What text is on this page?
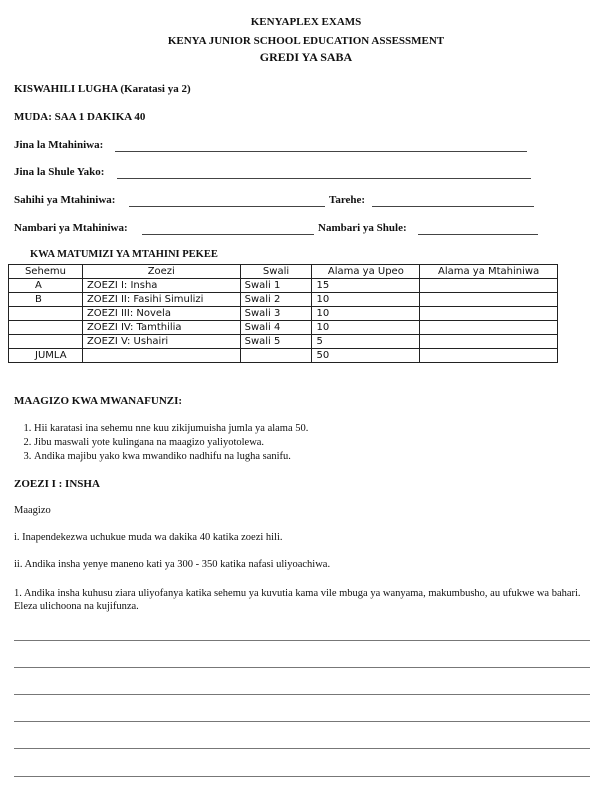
KENYAPLEX EXAMS
KENYA JUNIOR SCHOOL EDUCATION ASSESSMENT
GREDI YA SABA
KISWAHILI LUGHA (Karatasi ya 2)
MUDA: SAA 1 DAKIKA 40
Jina la Mtahiniwa:
Jina la Shule Yako:
Sahihi ya Mtahiniwa:	Tarehe:
Nambari ya Mtahiniwa:	Nambari ya Shule:
KWA MATUMIZI YA MTAHINI PEKEE
Sehemu	Zoezi	Swali	Alama ya Upeo	Alama ya Mtahiniwa
A	ZOEZI I: Insha	Swali 1	15	
B	ZOEZI II: Fasihi Simulizi	Swali 2	10	
	ZOEZI III: Novela	Swali 3	10	
	ZOEZI IV: Tamthilia	Swali 4	10	
	ZOEZI V: Ushairi	Swali 5	5	
JUMLA			50	
MAAGIZO KWA MWANAFUNZI:
1. Hii karatasi ina sehemu nne kuu zikijumuisha jumla ya alama 50.
2. Jibu maswali yote kulingana na maagizo yaliyotolewa.
3. Andika majibu yako kwa mwandiko nadhifu na lugha sanifu.
ZOEZI I : INSHA
Maagizo
i. Inapendekezwa uchukue muda wa dakika 40 katika zoezi hili.
ii. Andika insha yenye maneno kati ya 300 - 350 katika nafasi uliyoachiwa.
1. Andika insha kuhusu ziara uliyofanya katika sehemu ya kuvutia kama vile mbuga ya wanyama, makumbusho, au ufukwe wa bahari. Eleza ulichoona na kujifunza.
